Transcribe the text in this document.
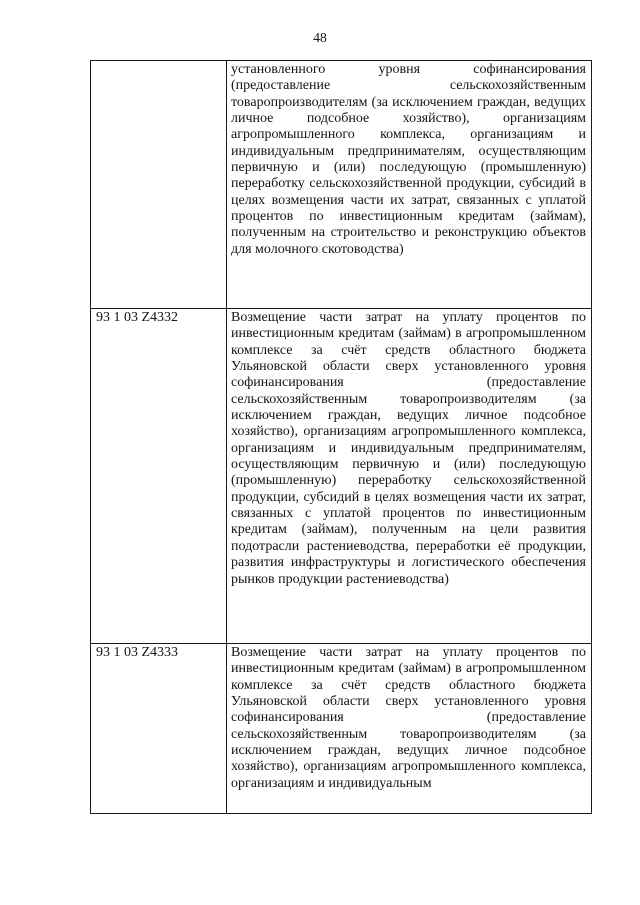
48

	установленного уровня софинансирования (предоставление сельскохозяйственным товаропроизводителям (за исключением граждан, ведущих личное подсобное хозяйство), организациям агропромышленного комплекса, организациям и индивидуальным предпринимателям, осуществляющим первичную и (или) последующую (промышленную) переработку сельскохозяйственной продукции, субсидий в целях возмещения части их затрат, связанных с уплатой процентов по инвестиционным кредитам (займам), полученным на строительство и реконструкцию объектов для молочного скотоводства)

93 1 03 Z4332	Возмещение части затрат на уплату процентов по инвестиционным кредитам (займам) в агропромышленном комплексе за счёт средств областного бюджета Ульяновской области сверх установленного уровня софинансирования (предоставление сельскохозяйственным товаропроизводителям (за исключением граждан, ведущих личное подсобное хозяйство), организациям агропромышленного комплекса, организациям и индивидуальным предпринимателям, осуществляющим первичную и (или) последующую (промышленную) переработку сельскохозяйственной продукции, субсидий в целях возмещения части их затрат, связанных с уплатой процентов по инвестиционным кредитам (займам), полученным на цели развития подотрасли растениеводства, переработки её продукции, развития инфраструктуры и логистического обеспечения рынков продукции растениеводства)

93 1 03 Z4333	Возмещение части затрат на уплату процентов по инвестиционным кредитам (займам) в агропромышленном комплексе за счёт средств областного бюджета Ульяновской области сверх установленного уровня софинансирования (предоставление сельскохозяйственным товаропроизводителям (за исключением граждан, ведущих личное подсобное хозяйство), организациям агропромышленного комплекса, организациям и индивидуальным
